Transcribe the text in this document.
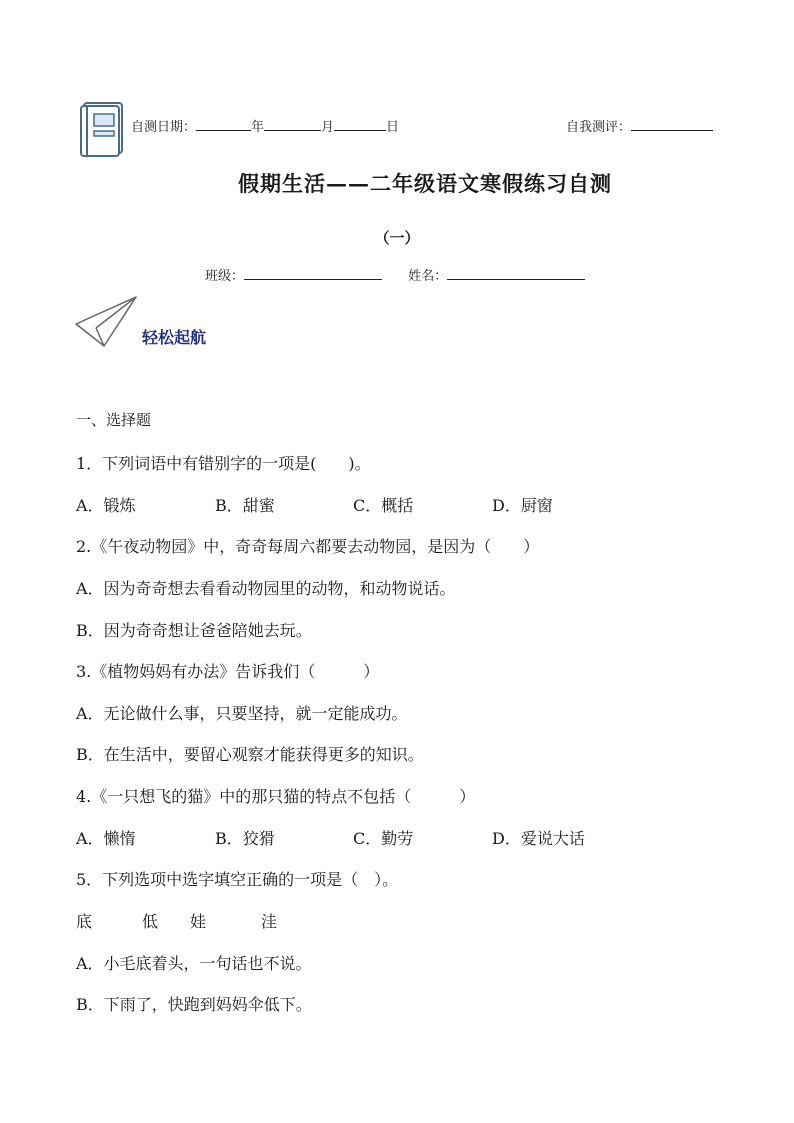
自测日期：	年	月	日	自我测评：
假期生活——二年级语文寒假练习自测
（一）
班级：	姓名：
轻松起航
一、选择题
1．下列词语中有错别字的一项是(　　)。
A．锻炼	B．甜蜜	C．概括	D．厨窗
2.《午夜动物园》中，奇奇每周六都要去动物园，是因为（　　）
A．因为奇奇想去看看动物园里的动物，和动物说话。
B．因为奇奇想让爸爸陪她去玩。
3.《植物妈妈有办法》告诉我们（　　　）
A．无论做什么事，只要坚持，就一定能成功。
B．在生活中，要留心观察才能获得更多的知识。
4.《一只想飞的猫》中的那只猫的特点不包括（　　　）
A．懒惰	B．狡猾	C．勤劳	D．爱说大话
5．下列选项中选字填空正确的一项是（　）。
底	低 娃	洼
A．小毛底着头，一句话也不说。
B．下雨了，快跑到妈妈伞低下。
